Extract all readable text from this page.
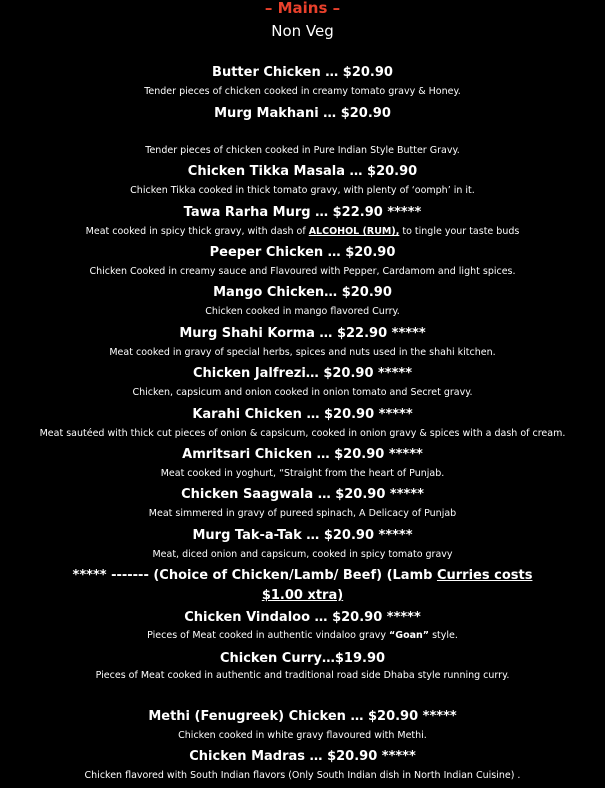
– Mains –
Non Veg
Butter Chicken … $20.90
Tender pieces of chicken cooked in creamy tomato gravy & Honey.
Murg Makhani … $20.90
Tender pieces of chicken cooked in Pure Indian Style Butter Gravy.
Chicken Tikka Masala … $20.90
Chicken Tikka cooked in thick tomato gravy, with plenty of ‘oomph’ in it.
Tawa Rarha Murg … $22.90 *****
Meat cooked in spicy thick gravy, with dash of ALCOHOL (RUM), to tingle your taste buds
Peeper Chicken … $20.90
Chicken Cooked in creamy sauce and Flavoured with Pepper, Cardamom and light spices.
Mango Chicken… $20.90
Chicken cooked in mango flavored Curry.
Murg Shahi Korma … $22.90 *****
Meat cooked in gravy of special herbs, spices and nuts used in the shahi kitchen.
Chicken Jalfrezi… $20.90 *****
Chicken, capsicum and onion cooked in onion tomato and Secret gravy.
Karahi Chicken … $20.90 *****
Meat sautéed with thick cut pieces of onion & capsicum, cooked in onion gravy & spices with a dash of cream.
Amritsari Chicken … $20.90 *****
Meat cooked in yoghurt, “Straight from the heart of Punjab.
Chicken Saagwala … $20.90 *****
Meat simmered in gravy of pureed spinach, A Delicacy of Punjab
Murg Tak-a-Tak … $20.90 *****
Meat, diced onion and capsicum, cooked in spicy tomato gravy
***** ------- (Choice of Chicken/Lamb/ Beef) (Lamb Curries costs $1.00 xtra)
Chicken Vindaloo … $20.90 *****
Pieces of Meat cooked in authentic vindaloo gravy “Goan” style.
Chicken Curry…$19.90
Pieces of Meat cooked in authentic and traditional road side Dhaba style running curry.
Methi (Fenugreek) Chicken … $20.90 *****
Chicken cooked in white gravy flavoured with Methi.
Chicken Madras … $20.90 *****
Chicken flavored with South Indian flavors (Only South Indian dish in North Indian Cuisine) .
